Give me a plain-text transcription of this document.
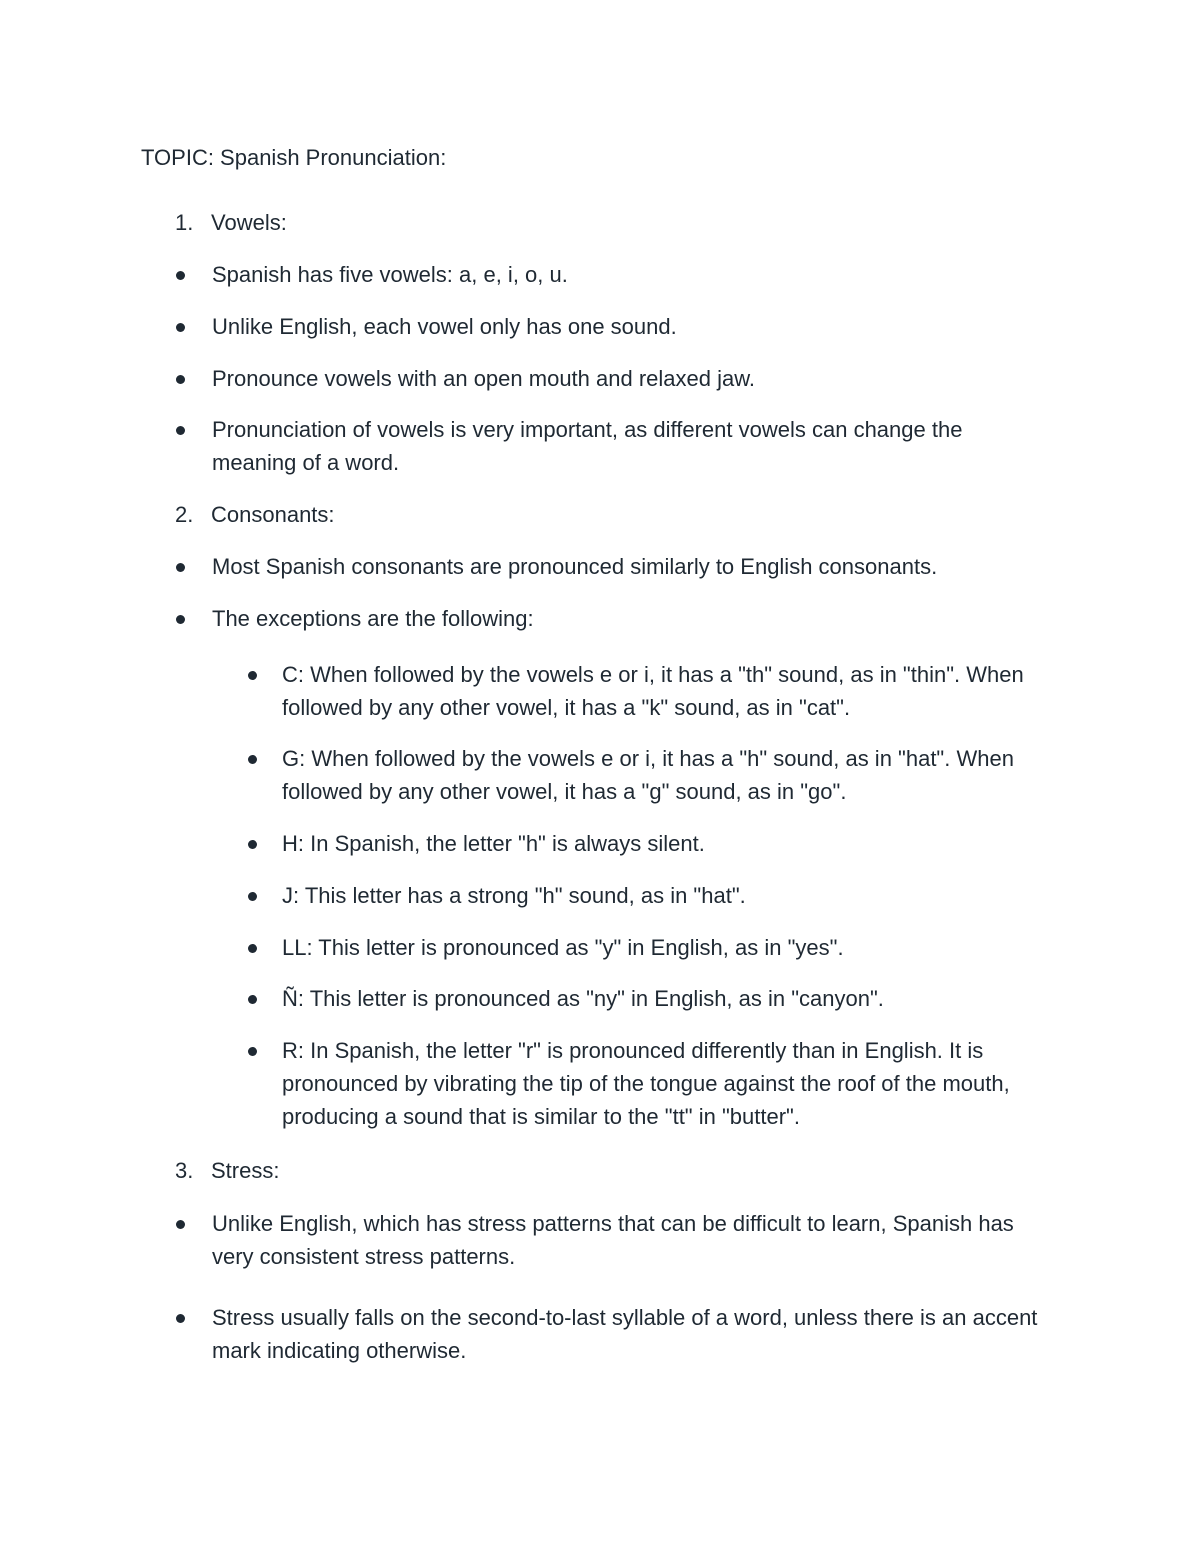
TOPIC: Spanish Pronunciation:
1. Vowels:
Spanish has five vowels: a, e, i, o, u.
Unlike English, each vowel only has one sound.
Pronounce vowels with an open mouth and relaxed jaw.
Pronunciation of vowels is very important, as different vowels can change the meaning of a word.
2. Consonants:
Most Spanish consonants are pronounced similarly to English consonants.
The exceptions are the following:
C: When followed by the vowels e or i, it has a "th" sound, as in "thin". When followed by any other vowel, it has a "k" sound, as in "cat".
G: When followed by the vowels e or i, it has a "h" sound, as in "hat". When followed by any other vowel, it has a "g" sound, as in "go".
H: In Spanish, the letter "h" is always silent.
J: This letter has a strong "h" sound, as in "hat".
LL: This letter is pronounced as "y" in English, as in "yes".
Ñ: This letter is pronounced as "ny" in English, as in "canyon".
R: In Spanish, the letter "r" is pronounced differently than in English. It is pronounced by vibrating the tip of the tongue against the roof of the mouth, producing a sound that is similar to the "tt" in "butter".
3. Stress:
Unlike English, which has stress patterns that can be difficult to learn, Spanish has very consistent stress patterns.
Stress usually falls on the second-to-last syllable of a word, unless there is an accent mark indicating otherwise.
